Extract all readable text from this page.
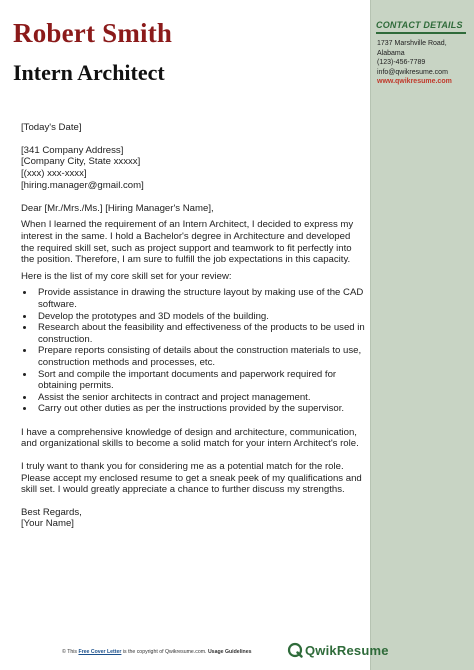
CONTACT DETAILS
1737 Marshville Road,
Alabama
(123)-456-7789
info@qwikresume.com
www.qwikresume.com
Robert Smith
Intern Architect

[Today's Date]

[341 Company Address]
[Company City, State xxxxx]
[(xxx) xxx-xxxx]
[hiring.manager@gmail.com]

Dear [Mr./Mrs./Ms.] [Hiring Manager's Name],

When I learned the requirement of an Intern Architect, I decided to express my interest in the same. I hold a Bachelor's degree in Architecture and developed the required skill set, such as project support and teamwork to fit perfectly into the position. Therefore, I am sure to fulfill the job expectations in this capacity.

Here is the list of my core skill set for your review:

• Provide assistance in drawing the structure layout by making use of the CAD software.
• Develop the prototypes and 3D models of the building.
• Research about the feasibility and effectiveness of the products to be used in construction.
• Prepare reports consisting of details about the construction materials to use, construction methods and processes, etc.
• Sort and compile the important documents and paperwork required for obtaining permits.
• Assist the senior architects in contract and project management.
• Carry out other duties as per the instructions provided by the supervisor.

I have a comprehensive knowledge of design and architecture, communication, and organizational skills to become a solid match for your intern Architect's role.

I truly want to thank you for considering me as a potential match for the role. Please accept my enclosed resume to get a sneak peek of my qualifications and skill set. I would greatly appreciate a chance to further discuss my strengths.

Best Regards,

[Your Name]

© This Free Cover Letter is the copyright of Qwikresume.com. Usage Guidelines	QwikResume
